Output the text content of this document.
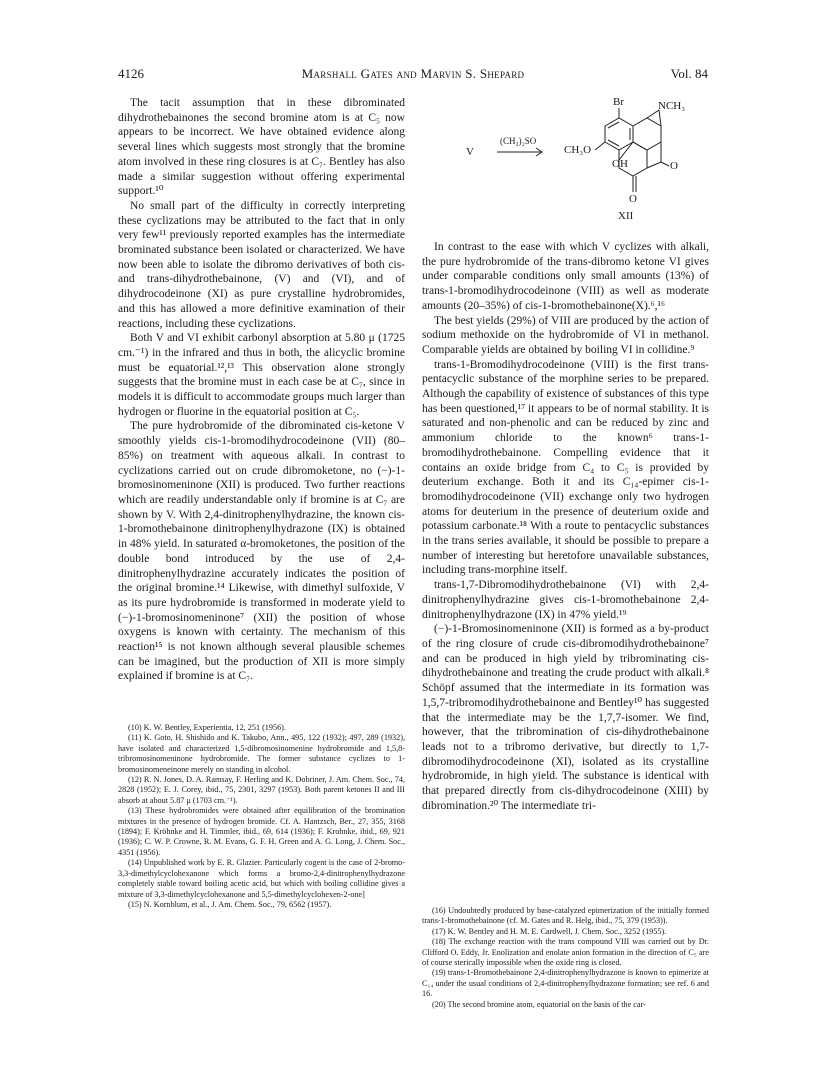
4126	Marshall Gates and Marvin S. Shepard	Vol. 84

The tacit assumption that in these dibrominated dihydrothebainones the second bromine atom is at C₅ now appears to be incorrect. We have obtained evidence along several lines which suggests most strongly that the bromine atom involved in these ring closures is at C₇. Bentley has also made a similar suggestion without offering experimental support.¹⁰

No small part of the difficulty in correctly interpreting these cyclizations may be attributed to the fact that in only very few¹¹ previously reported examples has the intermediate brominated substance been isolated or characterized. We have now been able to isolate the dibromo derivatives of both cis- and trans-dihydrothebainone, (V) and (VI), and of dihydrocodeinone (XI) as pure crystalline hydrobromides, and this has allowed a more definitive examination of their reactions, including these cyclizations.

Both V and VI exhibit carbonyl absorption at 5.80 μ (1725 cm.⁻¹) in the infrared and thus in both, the alicyclic bromine must be equatorial.¹²,¹³ This observation alone strongly suggests that the bromine must in each case be at C₇, since in models it is difficult to accommodate groups much larger than hydrogen or fluorine in the equatorial position at C₅.

The pure hydrobromide of the dibrominated cis-ketone V smoothly yields cis-1-bromodihydrocodeinone (VII) (80–85%) on treatment with aqueous alkali. In contrast to cyclizations carried out on crude dibromoketone, no (−)-1-bromosinomeninone (XII) is produced. Two further reactions which are readily understandable only if bromine is at C₇ are shown by V. With 2,4-dinitrophenylhydrazine, the known cis-1-bromothebainone dinitrophenylhydrazone (IX) is obtained in 48% yield. In saturated α-bromoketones, the position of the double bond introduced by the use of 2,4-dinitrophenylhydrazine accurately indicates the position of the original bromine.¹⁴ Likewise, with dimethyl sulfoxide, V as its pure hydrobromide is transformed in moderate yield to (−)-1-bromosinomeninone⁷ (XII) the position of whose oxygens is known with certainty. The mechanism of this reaction¹⁵ is not known although several plausible schemes can be imagined, but the production of XII is more simply explained if bromine is at C₇.

(10) K. W. Bentley, Experientia, 12, 251 (1956).

(11) K. Goto, H. Shishido and K. Takubo, Ann., 495, 122 (1932); 497, 289 (1932), have isolated and characterized 1,5-dibromosinomenine hydrobromide and 1,5,8-tribromosinomeninone hydrobromide. The former substance cyclizes to 1-bromosinomeneinone merely on standing in alcohol.

(12) R. N. Jones, D. A. Ramsay, F. Herling and K. Dobriner, J. Am. Chem. Soc., 74, 2828 (1952); E. J. Corey, ibid., 75, 2301, 3297 (1953). Both parent ketones II and III absorb at about 5.87 μ (1703 cm.⁻¹).

(13) These hydrobromides were obtained after equilibration of the bromination mixtures in the presence of hydrogen bromide. Cf. A. Hantzsch, Ber., 27, 355, 3168 (1894); F. Kröhnke and H. Timmler, ibid., 69, 614 (1936); F. Krohnke, ibid., 69, 921 (1936); C. W. P. Crowne, R. M. Evans, G. F. H. Green and A. G. Long, J. Chem. Soc., 4351 (1956).

(14) Unpublished work by E. R. Glazier. Particularly cogent is the case of 2-bromo-3,3-dimethylcyclohexanone which forms a bromo-2,4-dinitrophenylhydrazone completely stable toward boiling acetic acid, but which with boiling collidine gives a mixture of 3,3-dimethylcyclohexanone and 5,5-dimethylcyclohexen-2-one]

(15) N. Kornblum, et al., J. Am. Chem. Soc., 79, 6562 (1957).

V
(CH₃)₂SO
Br	NCH₃
CH₃O
OH	O
O
XII

In contrast to the ease with which V cyclizes with alkali, the pure hydrobromide of the trans-dibromo ketone VI gives under comparable conditions only small amounts (13%) of trans-1-bromodihydrocodeinone (VIII) as well as moderate amounts (20–35%) of cis-1-bromothebainone(X).⁶,¹⁶

The best yields (29%) of VIII are produced by the action of sodium methoxide on the hydrobromide of VI in methanol. Comparable yields are obtained by boiling VI in collidine.⁹

trans-1-Bromodihydrocodeinone (VIII) is the first trans-pentacyclic substance of the morphine series to be prepared. Although the capability of existence of substances of this type has been questioned,¹⁷ it appears to be of normal stability. It is saturated and non-phenolic and can be reduced by zinc and ammonium chloride to the known⁶ trans-1-bromodihydrothebainone. Compelling evidence that it contains an oxide bridge from C₄ to C₅ is provided by deuterium exchange. Both it and its C₁₄-epimer cis-1-bromodihydrocodeinone (VII) exchange only two hydrogen atoms for deuterium in the presence of deuterium oxide and potassium carbonate.¹⁸ With a route to pentacyclic substances in the trans series available, it should be possible to prepare a number of interesting but heretofore unavailable substances, including trans-morphine itself.

trans-1,7-Dibromodihydrothebainone (VI) with 2,4-dinitrophenylhydrazine gives cis-1-bromothebainone 2,4-dinitrophenylhydrazone (IX) in 47% yield.¹⁹

(−)-1-Bromosinomeninone (XII) is formed as a by-product of the ring closure of crude cis-dibromodihydrothebainone⁷ and can be produced in high yield by tribrominating cis-dihydrothebainone and treating the crude product with alkali.⁸ Schöpf assumed that the intermediate in its formation was 1,5,7-tribromodihydrothebainone and Bentley¹⁰ has suggested that the intermediate may be the 1,7,7-isomer. We find, however, that the tribromination of cis-dihydrothebainone leads not to a tribromo derivative, but directly to 1,7-dibromodihydrocodeinone (XI), isolated as its crystalline hydrobromide, in high yield. The substance is identical with that prepared directly from cis-dihydrocodeinone (XIII) by dibromination.²⁰ The intermediate tri-

(16) Undoubtedly produced by base-catalyzed epimerization of the initially formed trans-1-bromothebainone (cf. M. Gates and R. Helg, ibid., 75, 379 (1953)).

(17) K. W. Bentley and H. M. E. Cardwell, J. Chem. Soc., 3252 (1955).

(18) The exchange reaction with the trans compound VIII was carried out by Dr. Clifford O. Eddy, Jr. Enolization and enolate anion formation in the direction of C₅ are of course sterically impossible when the oxide ring is closed.

(19) trans-1-Bromothebainone 2,4-dinitrophenylhydrazone is known to epimerize at C₁₄ under the usual conditions of 2,4-dinitrophenylhydrazone formation; see ref. 6 and 16.

(20) The second bromine atom, equatorial on the basis of the car-
